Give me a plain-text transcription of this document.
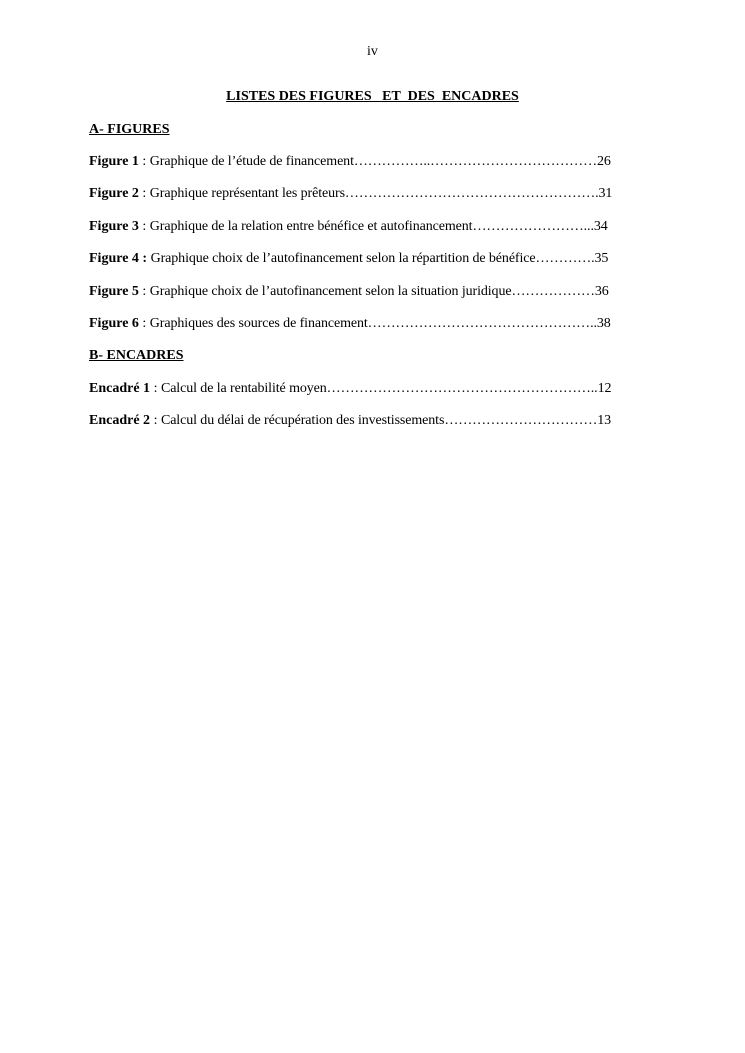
iv
LISTES DES FIGURES   ET  DES  ENCADRES
A- FIGURES
Figure 1 : Graphique de l’étude de financement……………..………………………………26
Figure 2 : Graphique représentant les prêteurs……………………………………………….31
Figure 3 : Graphique de la relation entre bénéfice et autofinancement……………………...34
Figure 4 : Graphique choix de l’autofinancement selon la répartition de bénéfice………….35
Figure 5 : Graphique choix de l’autofinancement selon la situation juridique………………36
Figure 6 : Graphiques des sources de financement…………………………………………..38
B- ENCADRES
Encadré 1 : Calcul de la rentabilité moyen…………………………………………………..12
Encadré 2 : Calcul du délai de récupération des investissements……………………………13
